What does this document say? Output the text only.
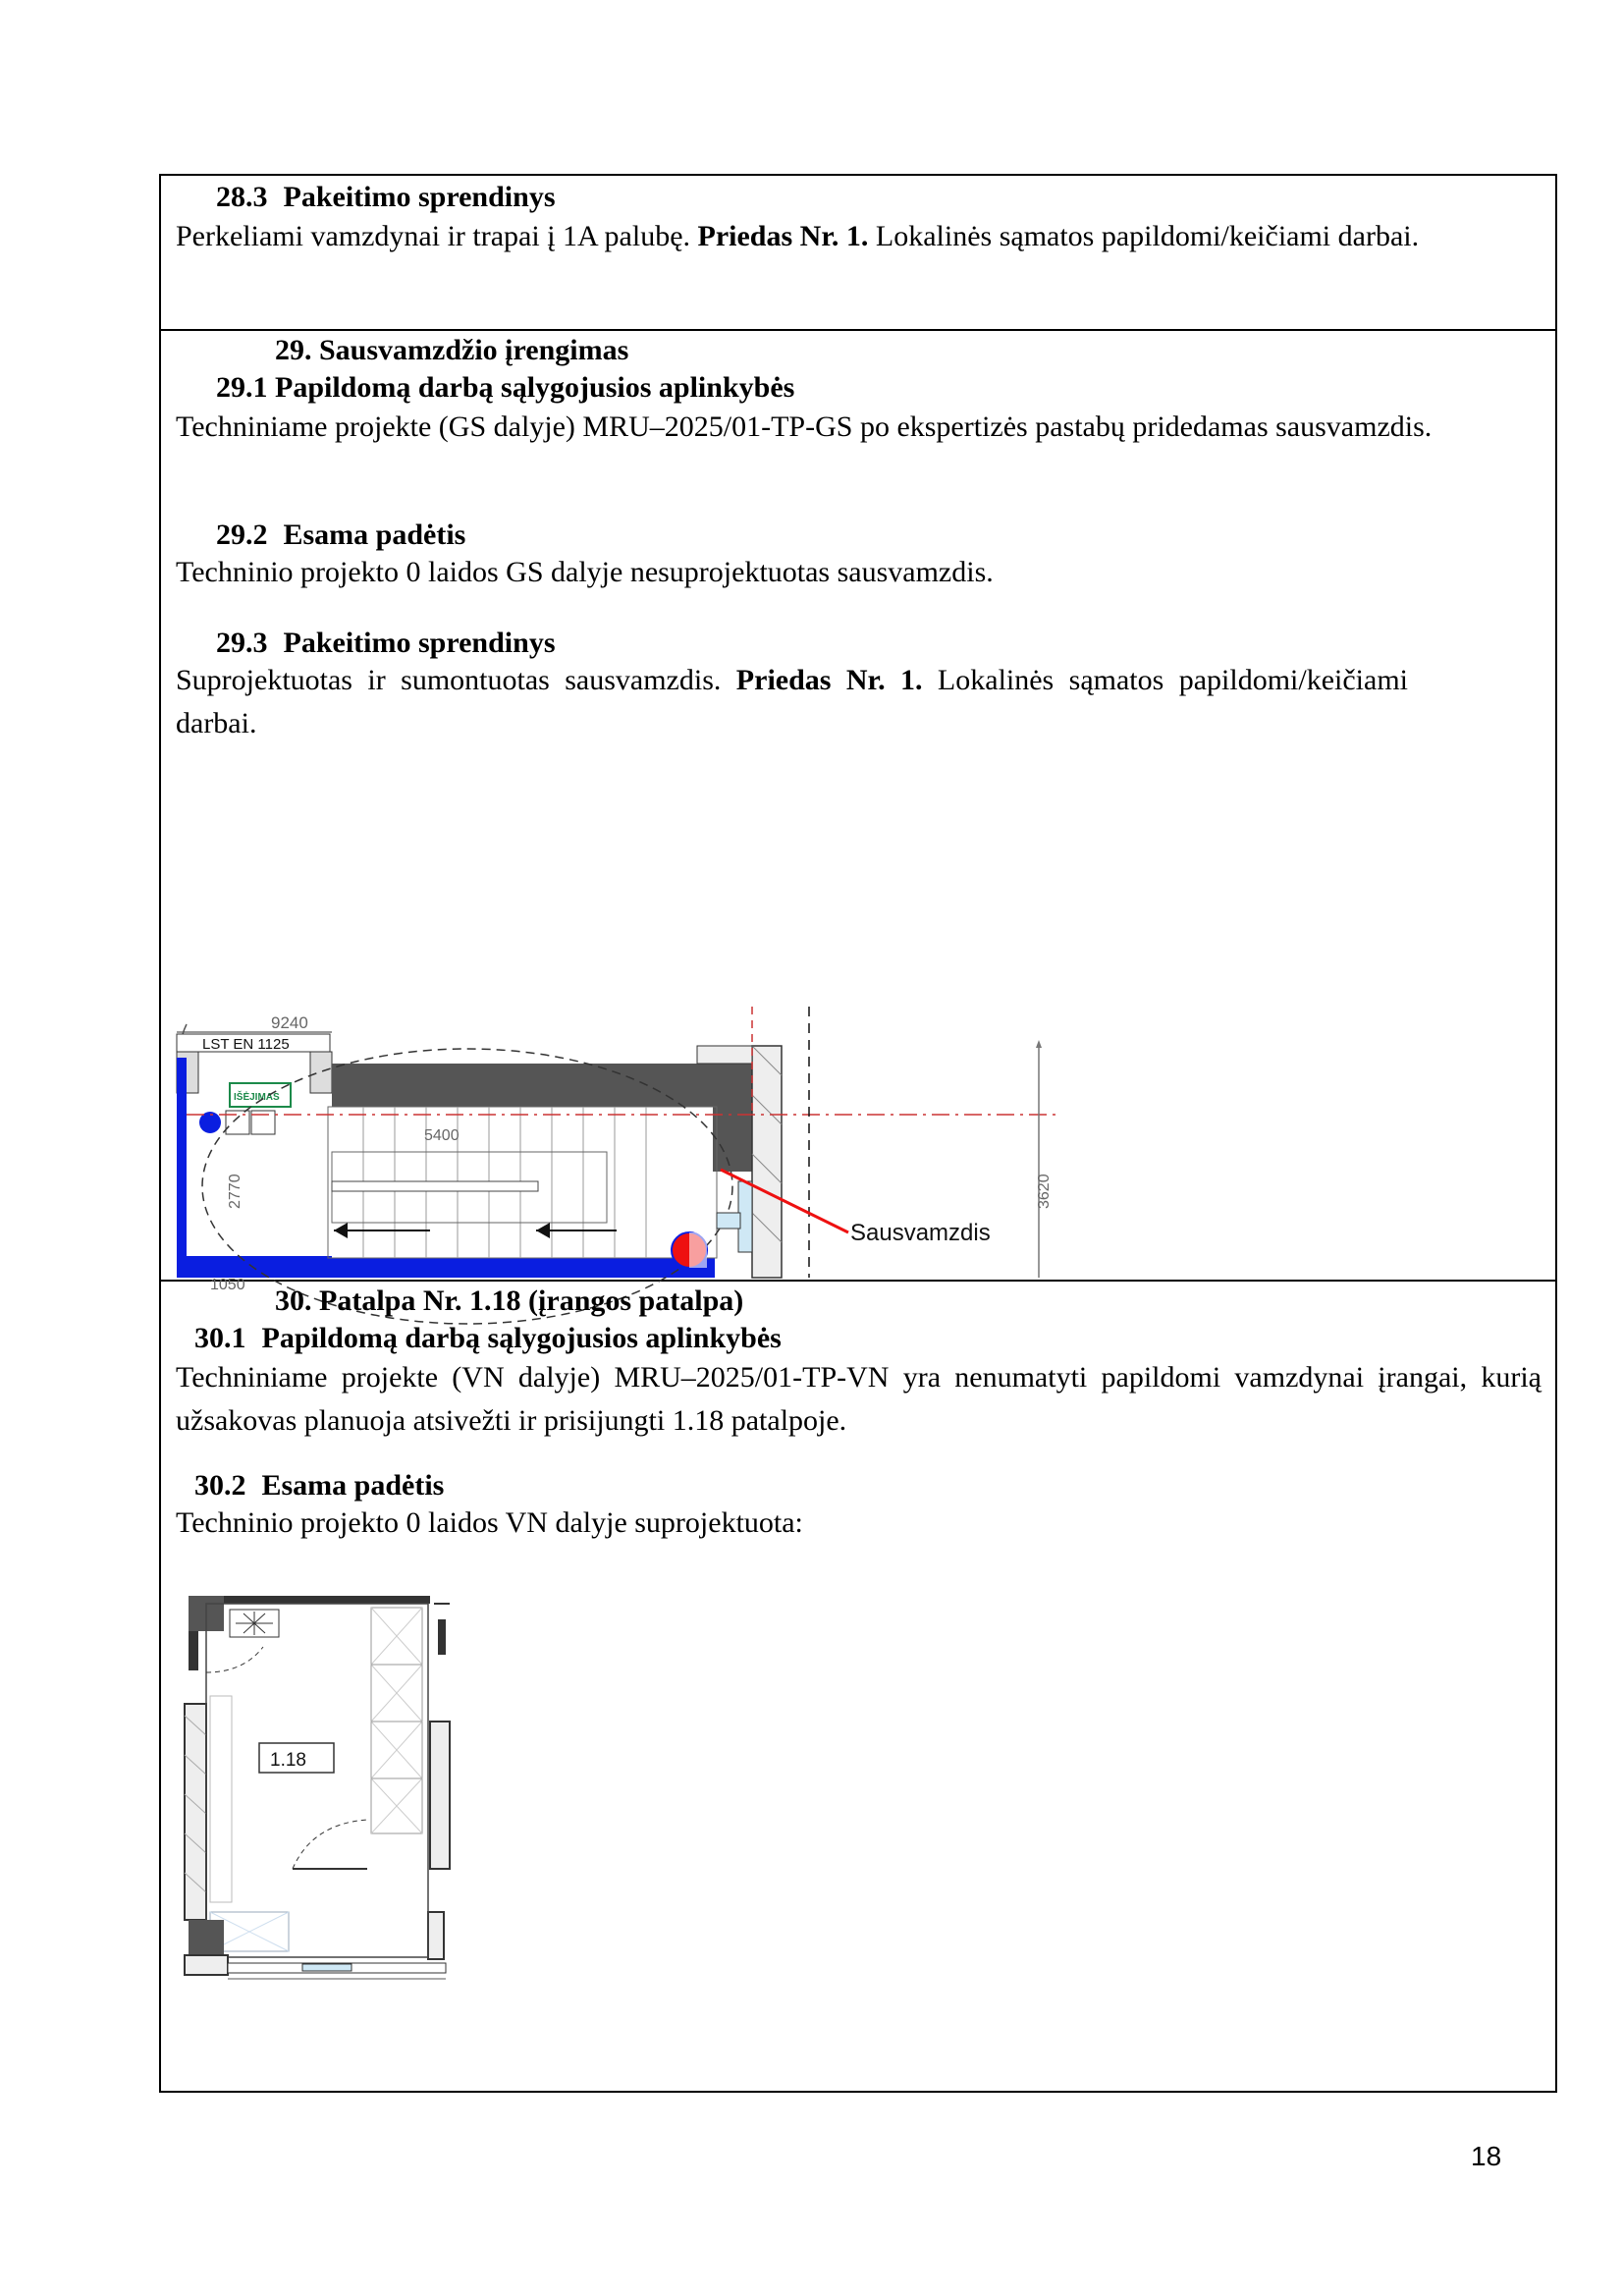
28.3 Pakeitimo sprendinys
Perkeliami vamzdynai ir trapai į 1A palubę. Priedas Nr. 1. Lokalinės sąmatos papildomi/keičiami darbai.
29. Sausvamzdžio įrengimas
29.1 Papildomą darbą sąlygojusios aplinkybės
Techniniame projekte (GS dalyje) MRU–2025/01-TP-GS po ekspertizės pastabų pridedamas sausvamzdis.
29.2 Esama padėtis
Techninio projekto 0 laidos GS dalyje nesuprojektuotas sausvamzdis.
29.3 Pakeitimo sprendinys
Suprojektuotas ir sumontuotas sausvamzdis. Priedas Nr. 1. Lokalinės sąmatos papildomi/keičiami darbai.
9240
LST EN 1125
IŠĖJIMAS
5400
2770	3620
Sausvamzdis
1050 30. Patalpa Nr. 1.18 (įrangos patalpa)
30.1 Papildomą darbą sąlygojusios aplinkybės
Techniniame projekte (VN dalyje) MRU–2025/01-TP-VN yra nenumatyti papildomi vamzdynai įrangai, kurią užsakovas planuoja atsivežti ir prisijungti 1.18 patalpoje.
30.2 Esama padėtis
Techninio projekto 0 laidos VN dalyje suprojektuota:
1.18
18
